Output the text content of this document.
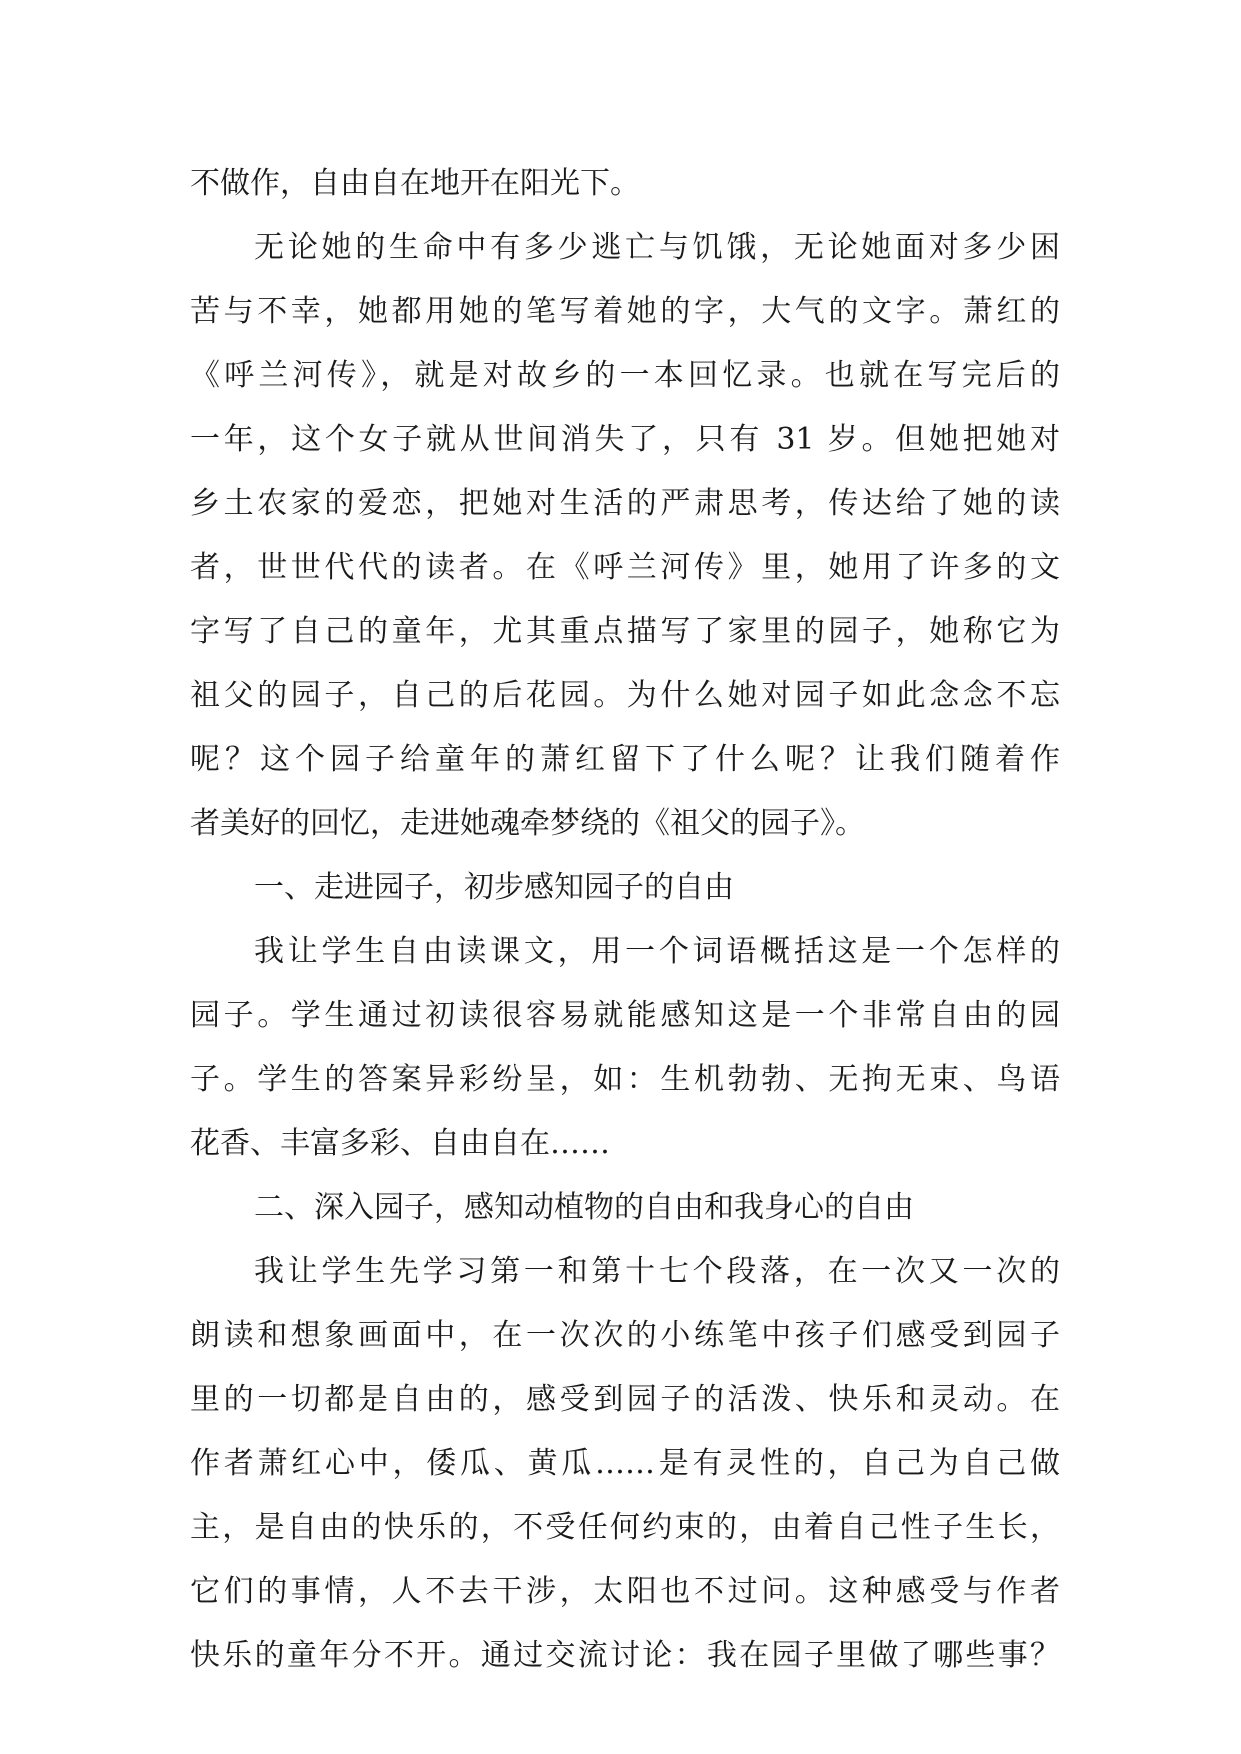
不做作，自由自在地开在阳光下。
无论她的生命中有多少逃亡与饥饿，无论她面对多少困
苦与不幸，她都用她的笔写着她的字，大气的文字。萧红的
《呼兰河传》，就是对故乡的一本回忆录。也就在写完后的
一年，这个女子就从世间消失了，只有 31 岁。但她把她对
乡土农家的爱恋，把她对生活的严肃思考，传达给了她的读
者，世世代代的读者。在《呼兰河传》里，她用了许多的文
字写了自己的童年，尤其重点描写了家里的园子，她称它为
祖父的园子，自己的后花园。为什么她对园子如此念念不忘
呢？这个园子给童年的萧红留下了什么呢？让我们随着作
者美好的回忆，走进她魂牵梦绕的《祖父的园子》。
一、走进园子，初步感知园子的自由
我让学生自由读课文，用一个词语概括这是一个怎样的
园子。学生通过初读很容易就能感知这是一个非常自由的园
子。学生的答案异彩纷呈，如：生机勃勃、无拘无束、鸟语
花香、丰富多彩、自由自在……
二、深入园子，感知动植物的自由和我身心的自由
我让学生先学习第一和第十七个段落，在一次又一次的
朗读和想象画面中，在一次次的小练笔中孩子们感受到园子
里的一切都是自由的，感受到园子的活泼、快乐和灵动。在
作者萧红心中，倭瓜、黄瓜……是有灵性的，自己为自己做
主，是自由的快乐的，不受任何约束的，由着自己性子生长，
它们的事情，人不去干涉，太阳也不过问。这种感受与作者
快乐的童年分不开。通过交流讨论：我在园子里做了哪些事？
